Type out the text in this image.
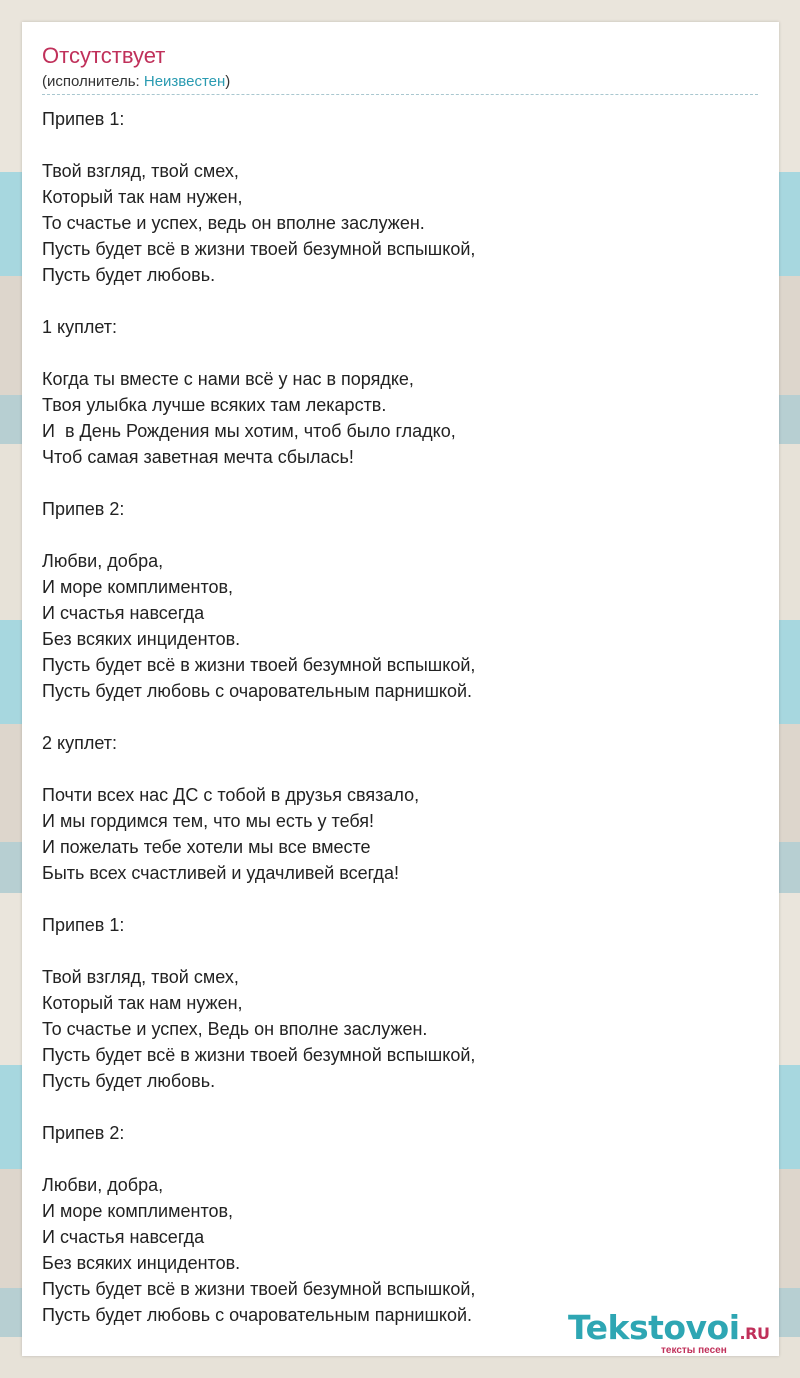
Отсутствует
(исполнитель: Неизвестен)
Припев 1:
Твой взгляд, твой смех,
Который так нам нужен,
То счастье и успех, ведь он вполне заслужен.
Пусть будет всё в жизни твоей безумной вспышкой,
Пусть будет любовь.
1 куплет:
Когда ты вместе с нами всё у нас в порядке,
Твоя улыбка лучше всяких там лекарств.
И  в День Рождения мы хотим, чтоб было гладко,
Чтоб самая заветная мечта сбылась!
Припев 2:
Любви, добра,
И море комплиментов,
И счастья навсегда
Без всяких инцидентов.
Пусть будет всё в жизни твоей безумной вспышкой,
Пусть будет любовь с очаровательным парнишкой.
2 куплет:
Почти всех нас ДС с тобой в друзья связало,
И мы гордимся тем, что мы есть у тебя!
И пожелать тебе хотели мы все вместе
Быть всех счастливей и удачливей всегда!
Припев 1:
Твой взгляд, твой смех,
Который так нам нужен,
То счастье и успех, Ведь он вполне заслужен.
Пусть будет всё в жизни твоей безумной вспышкой,
Пусть будет любовь.
Припев 2:
Любви, добра,
И море комплиментов,
И счастья навсегда
Без всяких инцидентов.
Пусть будет всё в жизни твоей безумной вспышкой,
Пусть будет любовь с очаровательным парнишкой.	Tekstovoi.RU
тексты песен
